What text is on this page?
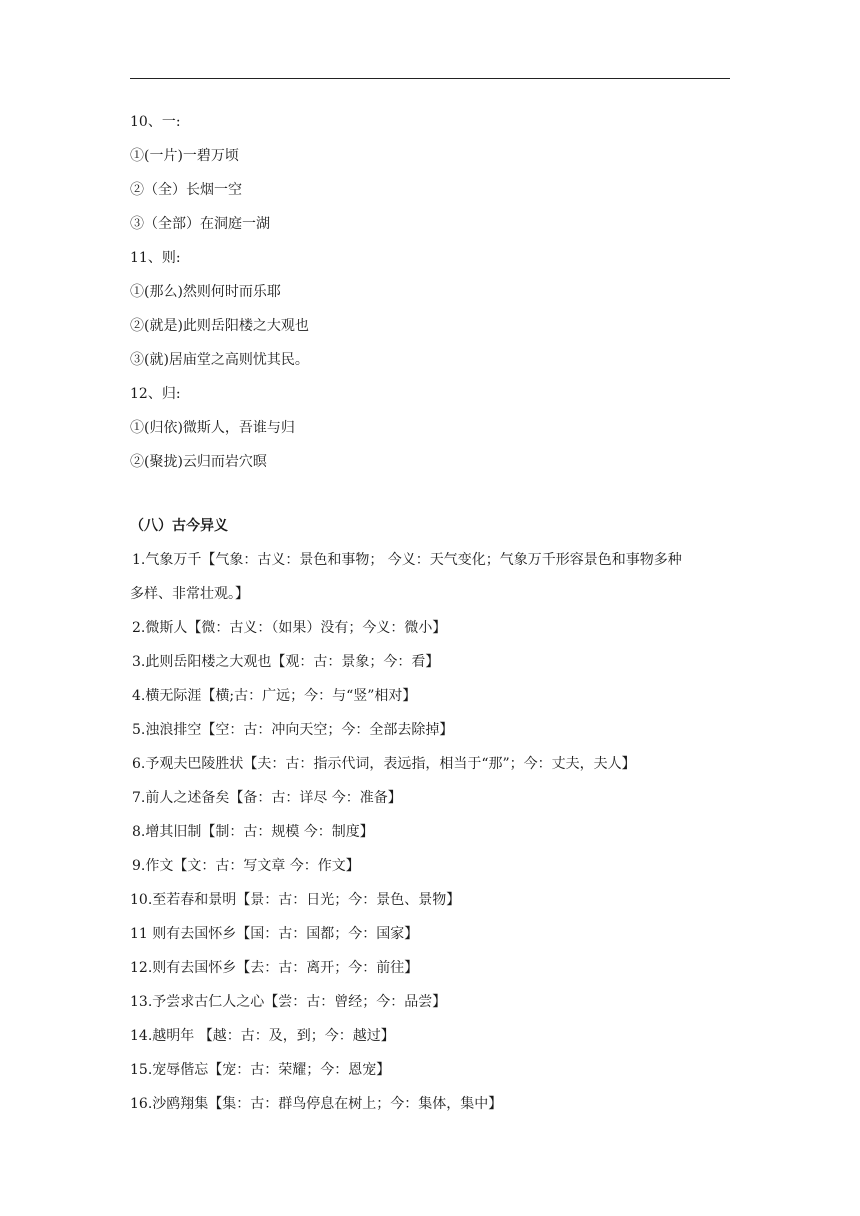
10、一:
①(一片)一碧万顷
②（全）长烟一空
③（全部）在洞庭一湖
11、则:
①(那么)然则何时而乐耶
②(就是)此则岳阳楼之大观也
③(就)居庙堂之高则忧其民。
12、归:
①(归依)微斯人，吾谁与归
②(聚拢)云归而岩穴暝
（八）古今异义
1.气象万千【气象：古义：景色和事物； 今义：天气变化；气象万千形容景色和事物多种
多样、非常壮观。】
2.微斯人【微：古义：（如果）没有；今义：微小】
3.此则岳阳楼之大观也【观：古：景象；今：看】
4.横无际涯【横;古：广远；今：与“竖”相对】
5.浊浪排空【空：古：冲向天空；今：全部去除掉】
6.予观夫巴陵胜状【夫：古：指示代词，表远指，相当于“那”；今：丈夫，夫人】
7.前人之述备矣【备：古：详尽 今：准备】
8.增其旧制【制：古：规模 今：制度】
9.作文【文：古：写文章 今：作文】
10.至若春和景明【景：古：日光；今：景色、景物】
11 则有去国怀乡【国：古：国都；今：国家】
12.则有去国怀乡【去：古：离开；今：前往】
13.予尝求古仁人之心【尝：古：曾经；今：品尝】
14.越明年 【越：古：及，到；今：越过】
15.宠辱偕忘【宠：古：荣耀；今：恩宠】
16.沙鸥翔集【集：古：群鸟停息在树上；今：集体，集中】
